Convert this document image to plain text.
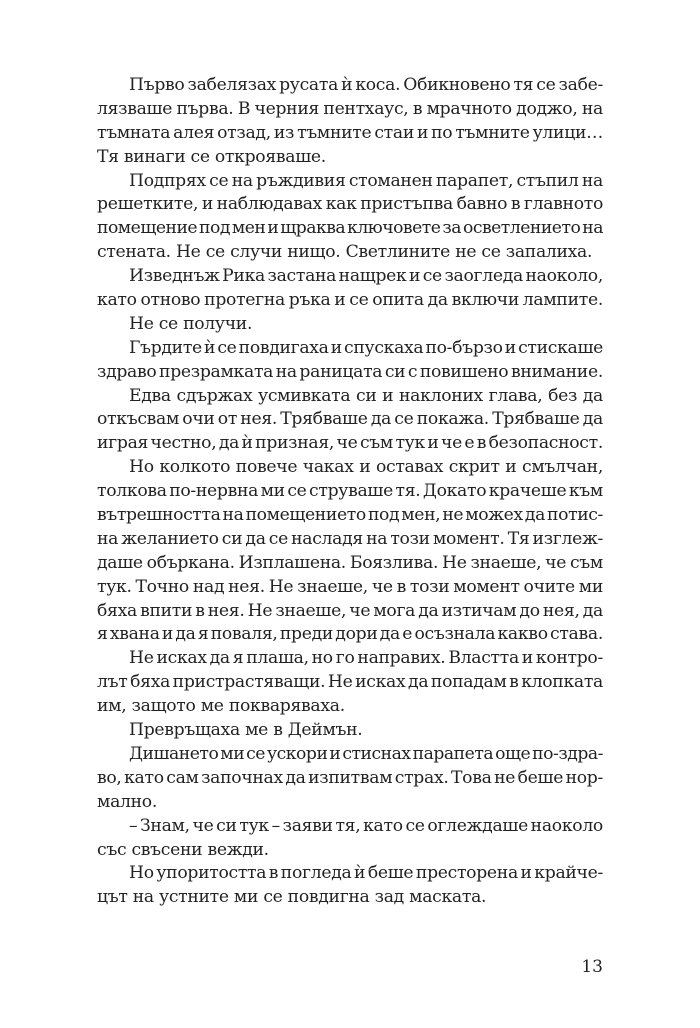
Първо забелязах русата ѝ коса. Обикновено тя се забе-
лязваше първа. В черния пентхаус, в мрачното доджо, на
тъмната алея отзад, из тъмните стаи и по тъмните улици…
Тя винаги се открояваше.
Подпрях се на ръждивия стоманен парапет, стъпил на
решетките, и наблюдавах как пристъпва бавно в главното
помещение под мен и щраква ключовете за осветлението на
стената. Не се случи нищо. Светлините не се запалиха.
Изведнъж Рика застана нащрек и се заогледа наоколо,
като отново протегна ръка и се опита да включи лампите.
Не се получи.
Гърдите ѝ се повдигаха и спускаха по-бързо и стискаше
здраво презрамката на раницата си с повишено внимание.
Едва сдържах усмивката си и наклоних глава, без да
откъсвам очи от нея. Трябваше да се покажа. Трябваше да
играя честно, да ѝ призная, че съм тук и че е в безопасност.
Но колкото повече чаках и оставах скрит и смълчан,
толкова по-нервна ми се струваше тя. Докато крачеше към
вътрешността на помещението под мен, не можех да потис-
на желанието си да се насладя на този момент. Тя изглеж-
даше объркана. Изплашена. Боязлива. Не знаеше, че съм
тук. Точно над нея. Не знаеше, че в този момент очите ми
бяха впити в нея. Не знаеше, че мога да изтичам до нея, да
я хвана и да я поваля, преди дори да е осъзнала какво става.
Не исках да я плаша, но го направих. Властта и контро-
лът бяха пристрастяващи. Не исках да попадам в клопката
им, защото ме покваряваха.
Превръщаха ме в Деймън.
Дишането ми се ускори и стиснах парапета още по-здра-
во, като сам започнах да изпитвам страх. Това не беше нор-
мално.
– Знам, че си тук – заяви тя, като се оглеждаше наоколо
със свъсени вежди.
Но упоритостта в погледа ѝ беше престорена и крайче-
цът на устните ми се повдигна зад маската.
13
